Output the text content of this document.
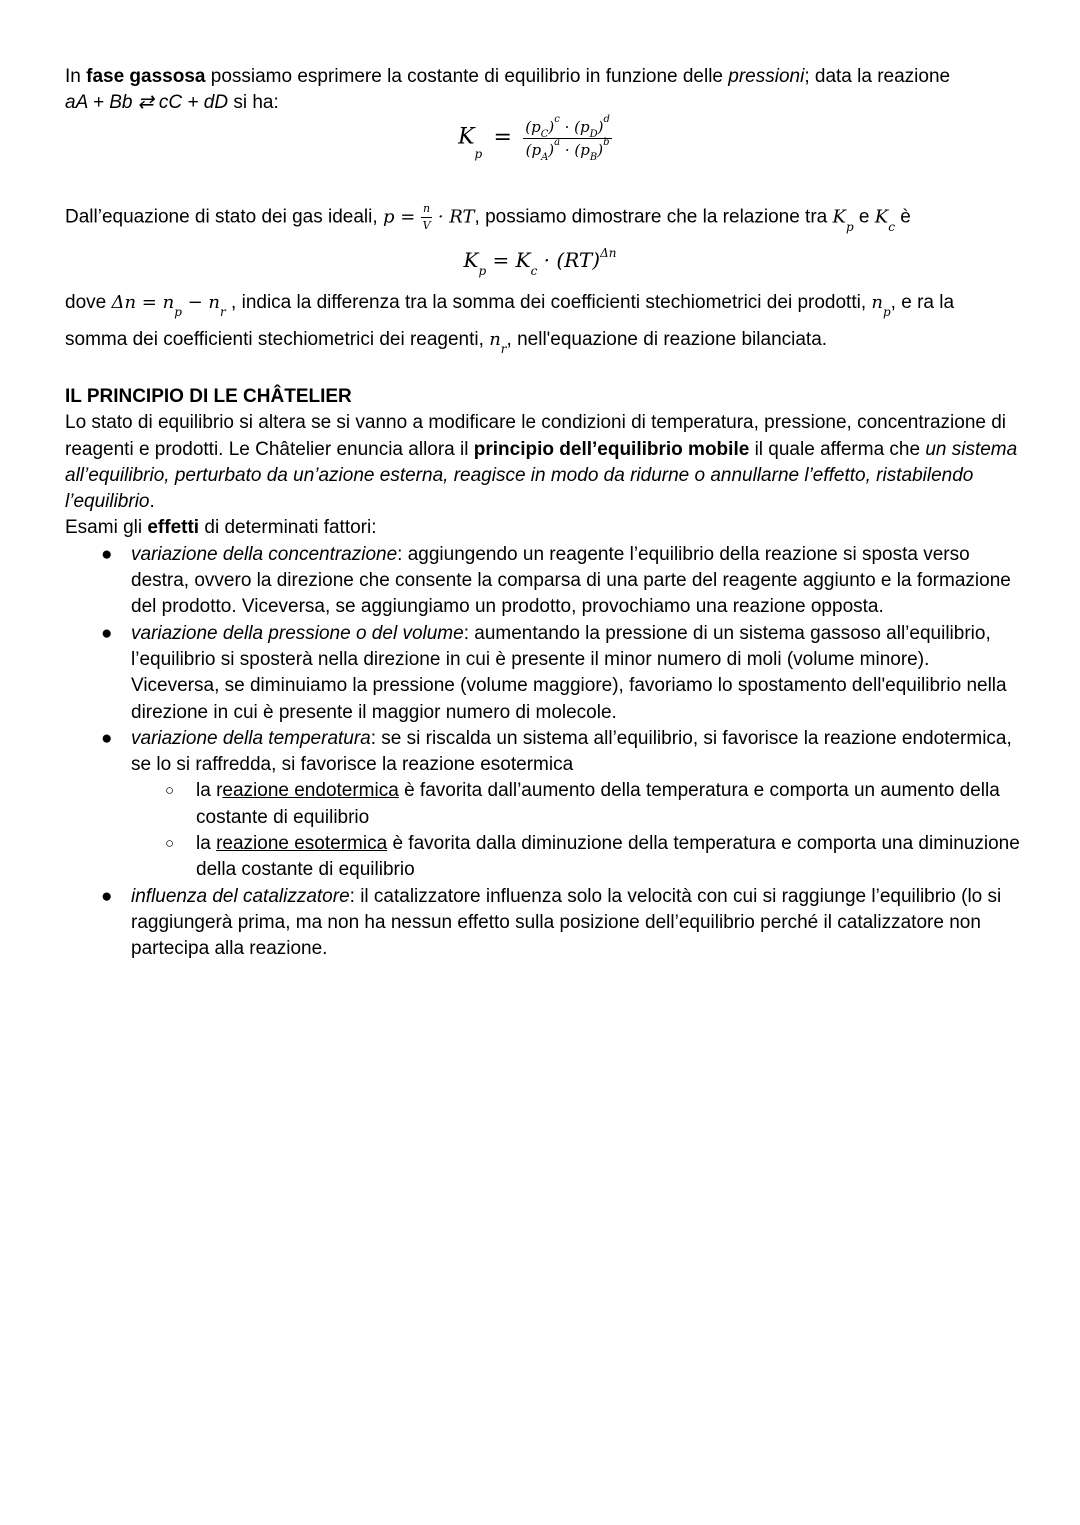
In fase gassosa possiamo esprimere la costante di equilibrio in funzione delle pressioni; data la reazione
aA + Bb ⇄ cC + dD si ha:
$K_p = \frac{(p_C)^c \cdot (p_D)^d}{(p_A)^a \cdot (p_B)^b}$
Dall’equazione di stato dei gas ideali, $p = \frac{n}{V}$ · RT, possiamo dimostrare che la relazione tra $K_p$ e $K_c$ è
$K_p = K_c \cdot (RT)^{\Delta n}$
dove $\Delta n = n_p - n_r$ , indica la differenza tra la somma dei coefficienti stechiometrici dei prodotti, $n_p$, e ra la somma dei coefficienti stechiometrici dei reagenti, $n_r$, nell'equazione di reazione bilanciata.
IL PRINCIPIO DI LE CHÂTELIER
Lo stato di equilibrio si altera se si vanno a modificare le condizioni di temperatura, pressione, concentrazione di reagenti e prodotti. Le Châtelier enuncia allora il principio dell’equilibrio mobile il quale afferma che un sistema all’equilibrio, perturbato da un’azione esterna, reagisce in modo da ridurne o annullarne l’effetto, ristabilendo l’equilibrio.
Esami gli effetti di determinati fattori:
● variazione della concentrazione: aggiungendo un reagente l’equilibrio della reazione si sposta verso destra, ovvero la direzione che consente la comparsa di una parte del reagente aggiunto e la formazione del prodotto. Viceversa, se aggiungiamo un prodotto, provochiamo una reazione opposta.
● variazione della pressione o del volume: aumentando la pressione di un sistema gassoso all’equilibrio, l’equilibrio si sposterà nella direzione in cui è presente il minor numero di moli (volume minore). Viceversa, se diminuiamo la pressione (volume maggiore), favoriamo lo spostamento dell'equilibrio nella direzione in cui è presente il maggior numero di molecole.
● variazione della temperatura: se si riscalda un sistema all’equilibrio, si favorisce la reazione endotermica, se lo si raffredda, si favorisce la reazione esotermica
○ la reazione endotermica è favorita dall’aumento della temperatura e comporta un aumento della costante di equilibrio
○ la reazione esotermica è favorita dalla diminuzione della temperatura e comporta una diminuzione della costante di equilibrio
● influenza del catalizzatore: il catalizzatore influenza solo la velocità con cui si raggiunge l’equilibrio (lo si raggiungerà prima, ma non ha nessun effetto sulla posizione dell’equilibrio perché il catalizzatore non partecipa alla reazione.
